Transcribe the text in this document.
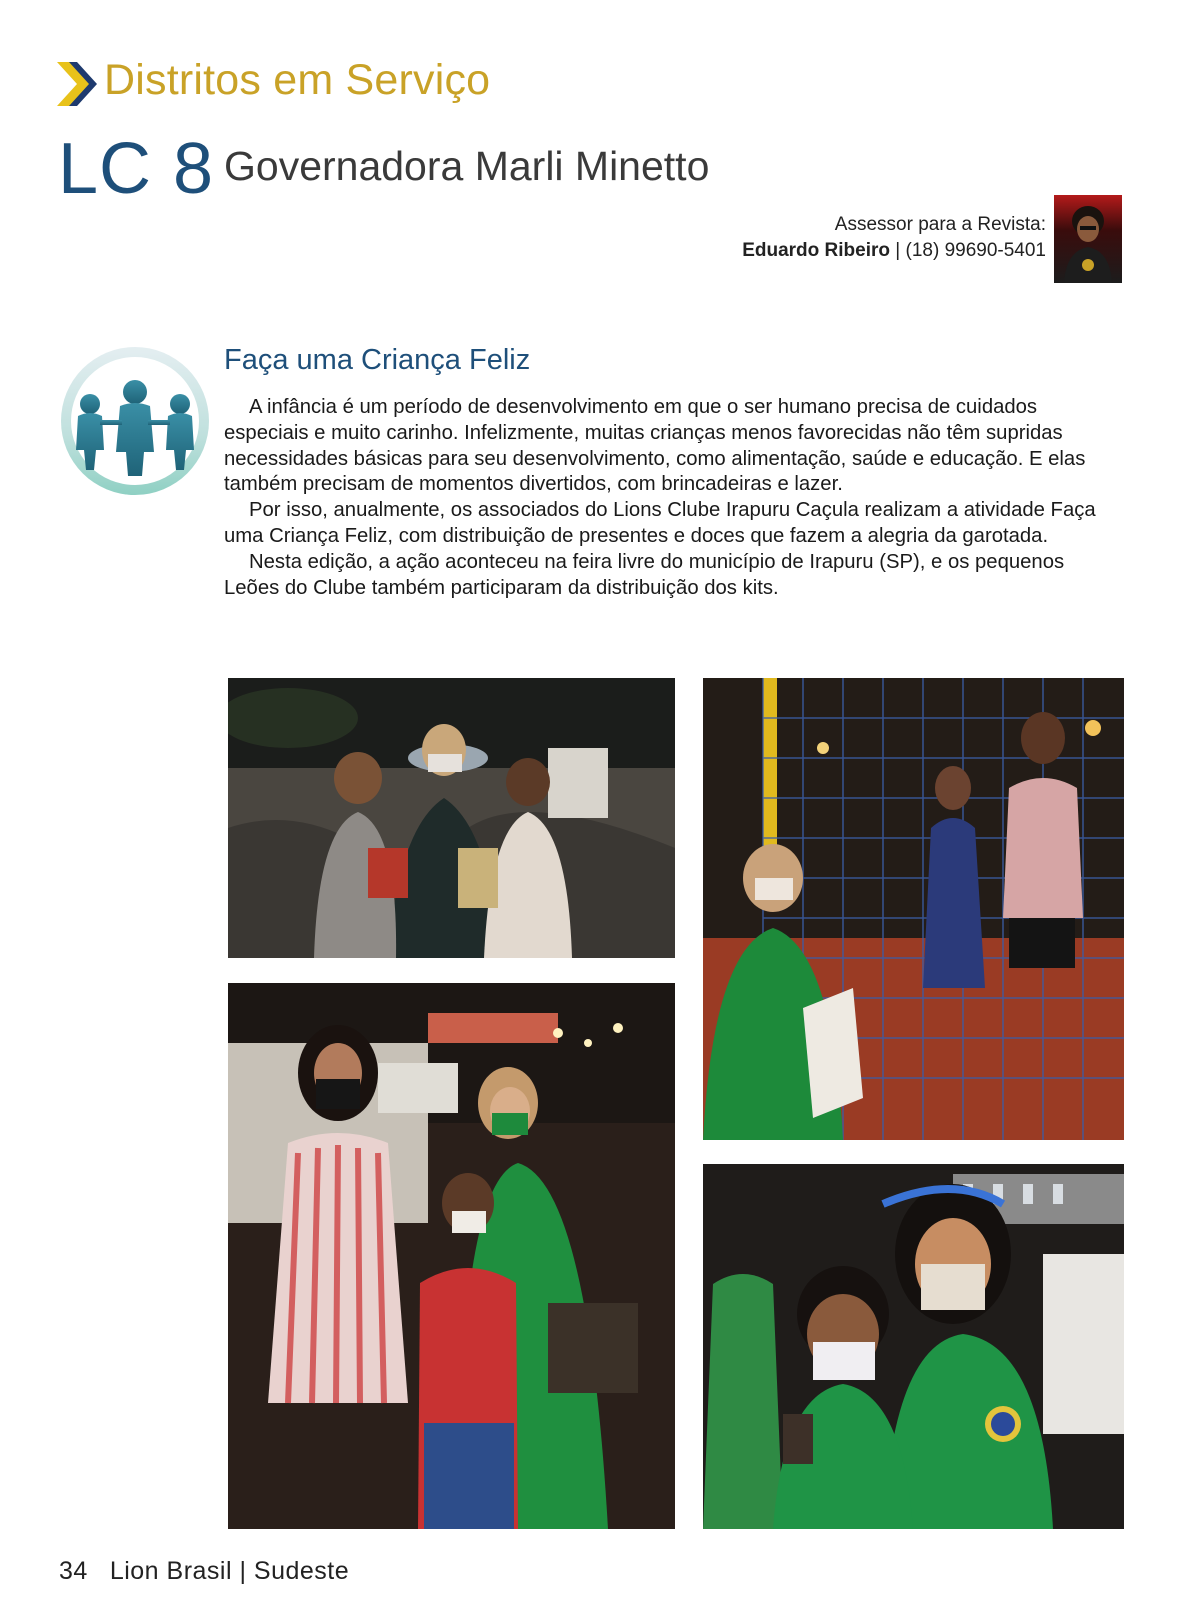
Distritos em Serviço
LC 8 Governadora Marli Minetto
Assessor para a Revista:
Eduardo Ribeiro | (18) 99690-5401
Faça uma Criança Feliz

A infância é um período de desenvolvimento em que o ser humano precisa de cuidados especiais e muito carinho. Infelizmente, muitas crianças menos favorecidas não têm supridas necessidades básicas para seu desenvolvimento, como alimentação, saúde e educação. E elas também precisam de momentos divertidos, com brincadeiras e lazer.

Por isso, anualmente, os associados do Lions Clube Irapuru Caçula realizam a atividade Faça uma Criança Feliz, com distribuição de presentes e doces que fazem a alegria da garotada.

Nesta edição, a ação aconteceu na feira livre do município de Irapuru (SP), e os pequenos Leões do Clube também participaram da distribuição dos kits.

34 Lion Brasil | Sudeste
